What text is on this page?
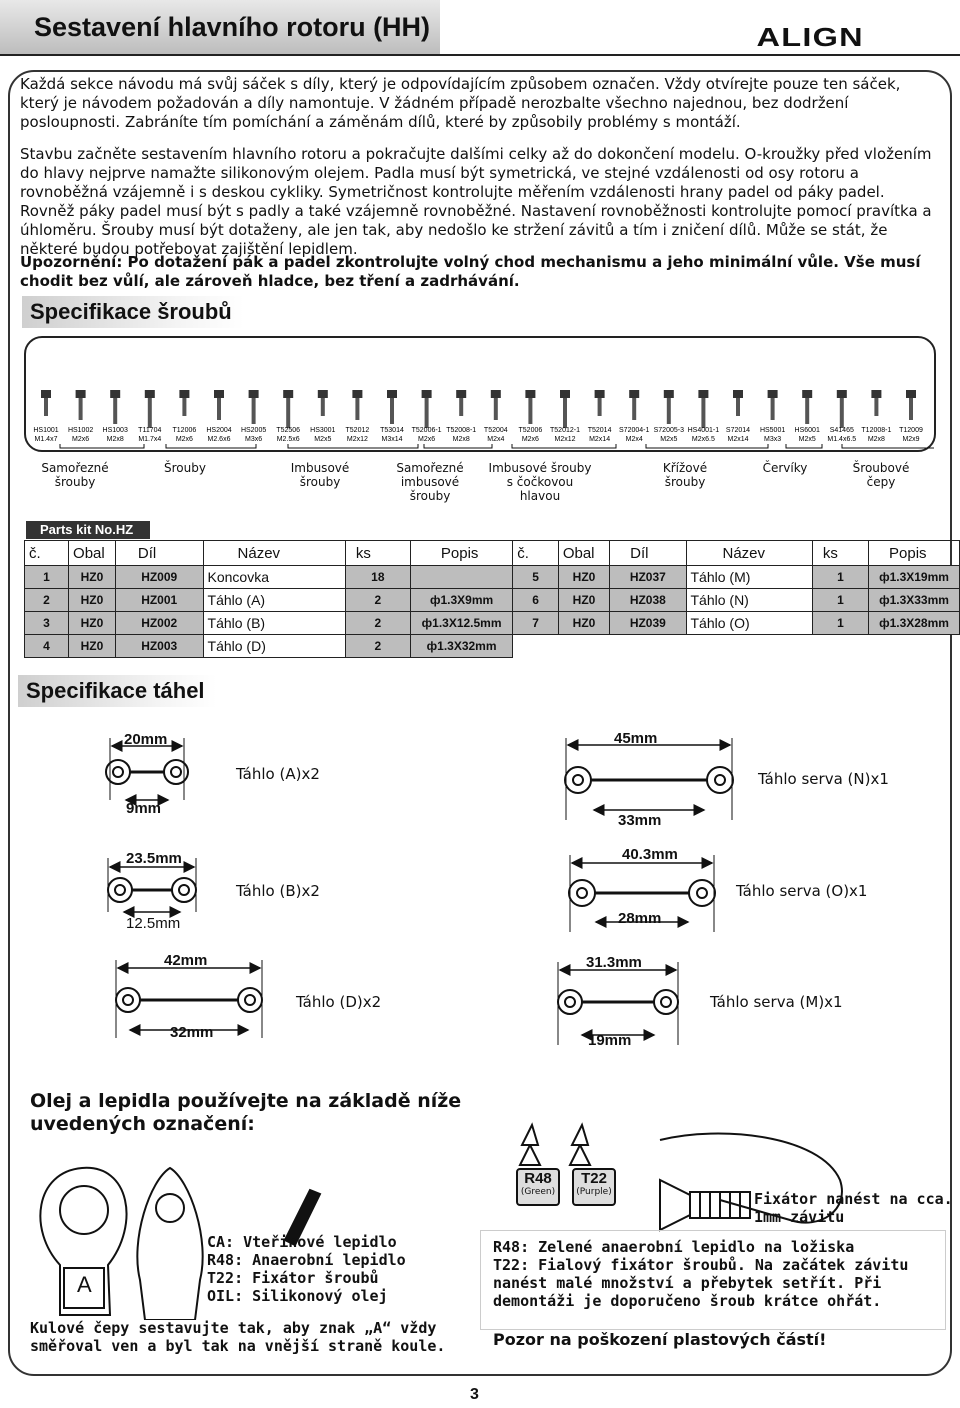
Sestavení hlavního rotoru (HH)	ALIGN
Každá sekce návodu má svůj sáček s díly, který je odpovídajícím způsobem označen. Vždy otvírejte pouze ten sáček, který je návodem požadován a díly namontuje. V žádném případě nerozbalte všechno najednou, bez dodržení posloupnosti. Zabráníte tím pomíchání a záměnám dílů, které by způsobily problémy s montáží.
Stavbu začněte sestavením hlavního rotoru a pokračujte dalšími celky až do dokončení modelu. O-kroužky před vložením do hlavy nejprve namažte silikonovým olejem. Padla musí být symetrická, ve stejné vzdálenosti od osy rotoru a rovnoběžná vzájemně i s deskou cykliky. Symetričnost kontrolujte měřením vzdálenosti hrany padel od páky padel. Rovněž páky padel musí být s padly a také vzájemně rovnoběžné. Nastavení rovnoběžnosti kontrolujte pomocí pravítka a úhloměru. Šrouby musí být dotaženy, ale jen tak, aby nedošlo ke stržení závitů a tím i zničení dílů. Může se stát, že některé budou potřebovat zajištění lepidlem.
Upozornění: Po dotažení pák a padel zkontrolujte volný chod mechanismu a jeho minimální vůle. Vše musí chodit bez vůlí, ale zároveň hladce, bez tření a zadrhávání.
Specifikace šroubů
HS1001
M1.4x7
HS1002
M2x6
HS1003
M2x8
T11704
M1.7x4
T12006
M2x6
HS2004
M2.6x6
HS2005
M3x6
T52506
M2.5x6
HS3001
M2x5
T52012
M2x12
T53014
M3x14
T52006-1
M2x6
T52008-1
M2x8
T52004
M2x4
T52006
M2x6
T52012-1
M2x12
T52014
M2x14
S72004-1
M2x4
S72005-3
M2x5
HS4001-1
M2x6.5
S72014
M2x14
HS5001
M3x3
HS6001
M2x5
S41465
M1.4x6.5
T12008-1
M2x8
T12009
M2x9
Samořezné
šrouby
Šrouby	Imbusové
šrouby
Samořezné
imbusové
šrouby
Imbusové šrouby
s čočkovou
hlavou
Křížové
šrouby
Červíky	Šroubové
čepy
Parts kit No.HZ
č.	Obal	Díl	Název	ks	Popis	č.	Obal	Díl	Název	ks	Popis
1	HZ0	HZ009	Koncovka	18		5	HZ0	HZ037	Táhlo (M)	1	ф1.3X19mm
2	HZ0	HZ001	Táhlo (A)	2	ф1.3X9mm	6	HZ0	HZ038	Táhlo (N)	1	ф1.3X33mm
3	HZ0	HZ002	Táhlo (B)	2	ф1.3X12.5mm	7	HZ0	HZ039	Táhlo (O)	1	ф1.3X28mm
4	HZ0	HZ003	Táhlo (D)	2	ф1.3X32mm						
Specifikace táhel
20mm
9mm
Táhlo (A)x2
45mm
33mm
Táhlo serva (N)x1
23.5mm
12.5mm
Táhlo (B)x2
40.3mm
28mm
Táhlo serva (O)x1
42mm
32mm
Táhlo (D)x2
31.3mm
19mm
Táhlo serva (M)x1
Olej a lepidla používejte na základě níže
uvedených označení:
R48
(Green)
T22
(Purple)
A
CA: Vteřinové lepidlo
R48: Anaerobní lepidlo
T22: Fixátor šroubů
OIL: Silikonový olej
Kulové čepy sestavujte tak, aby znak „A“ vždy
směřoval ven a byl tak na vnější straně koule.
Fixátor nanést na cca.
1mm závitu
R48: Zelené anaerobní lepidlo na ložiska
T22: Fialový fixátor šroubů. Na začátek závitu nanést malé množství a přebytek setřít. Při demontáži je doporučeno šroub krátce ohřát.
Pozor na poškození plastových částí!
3
